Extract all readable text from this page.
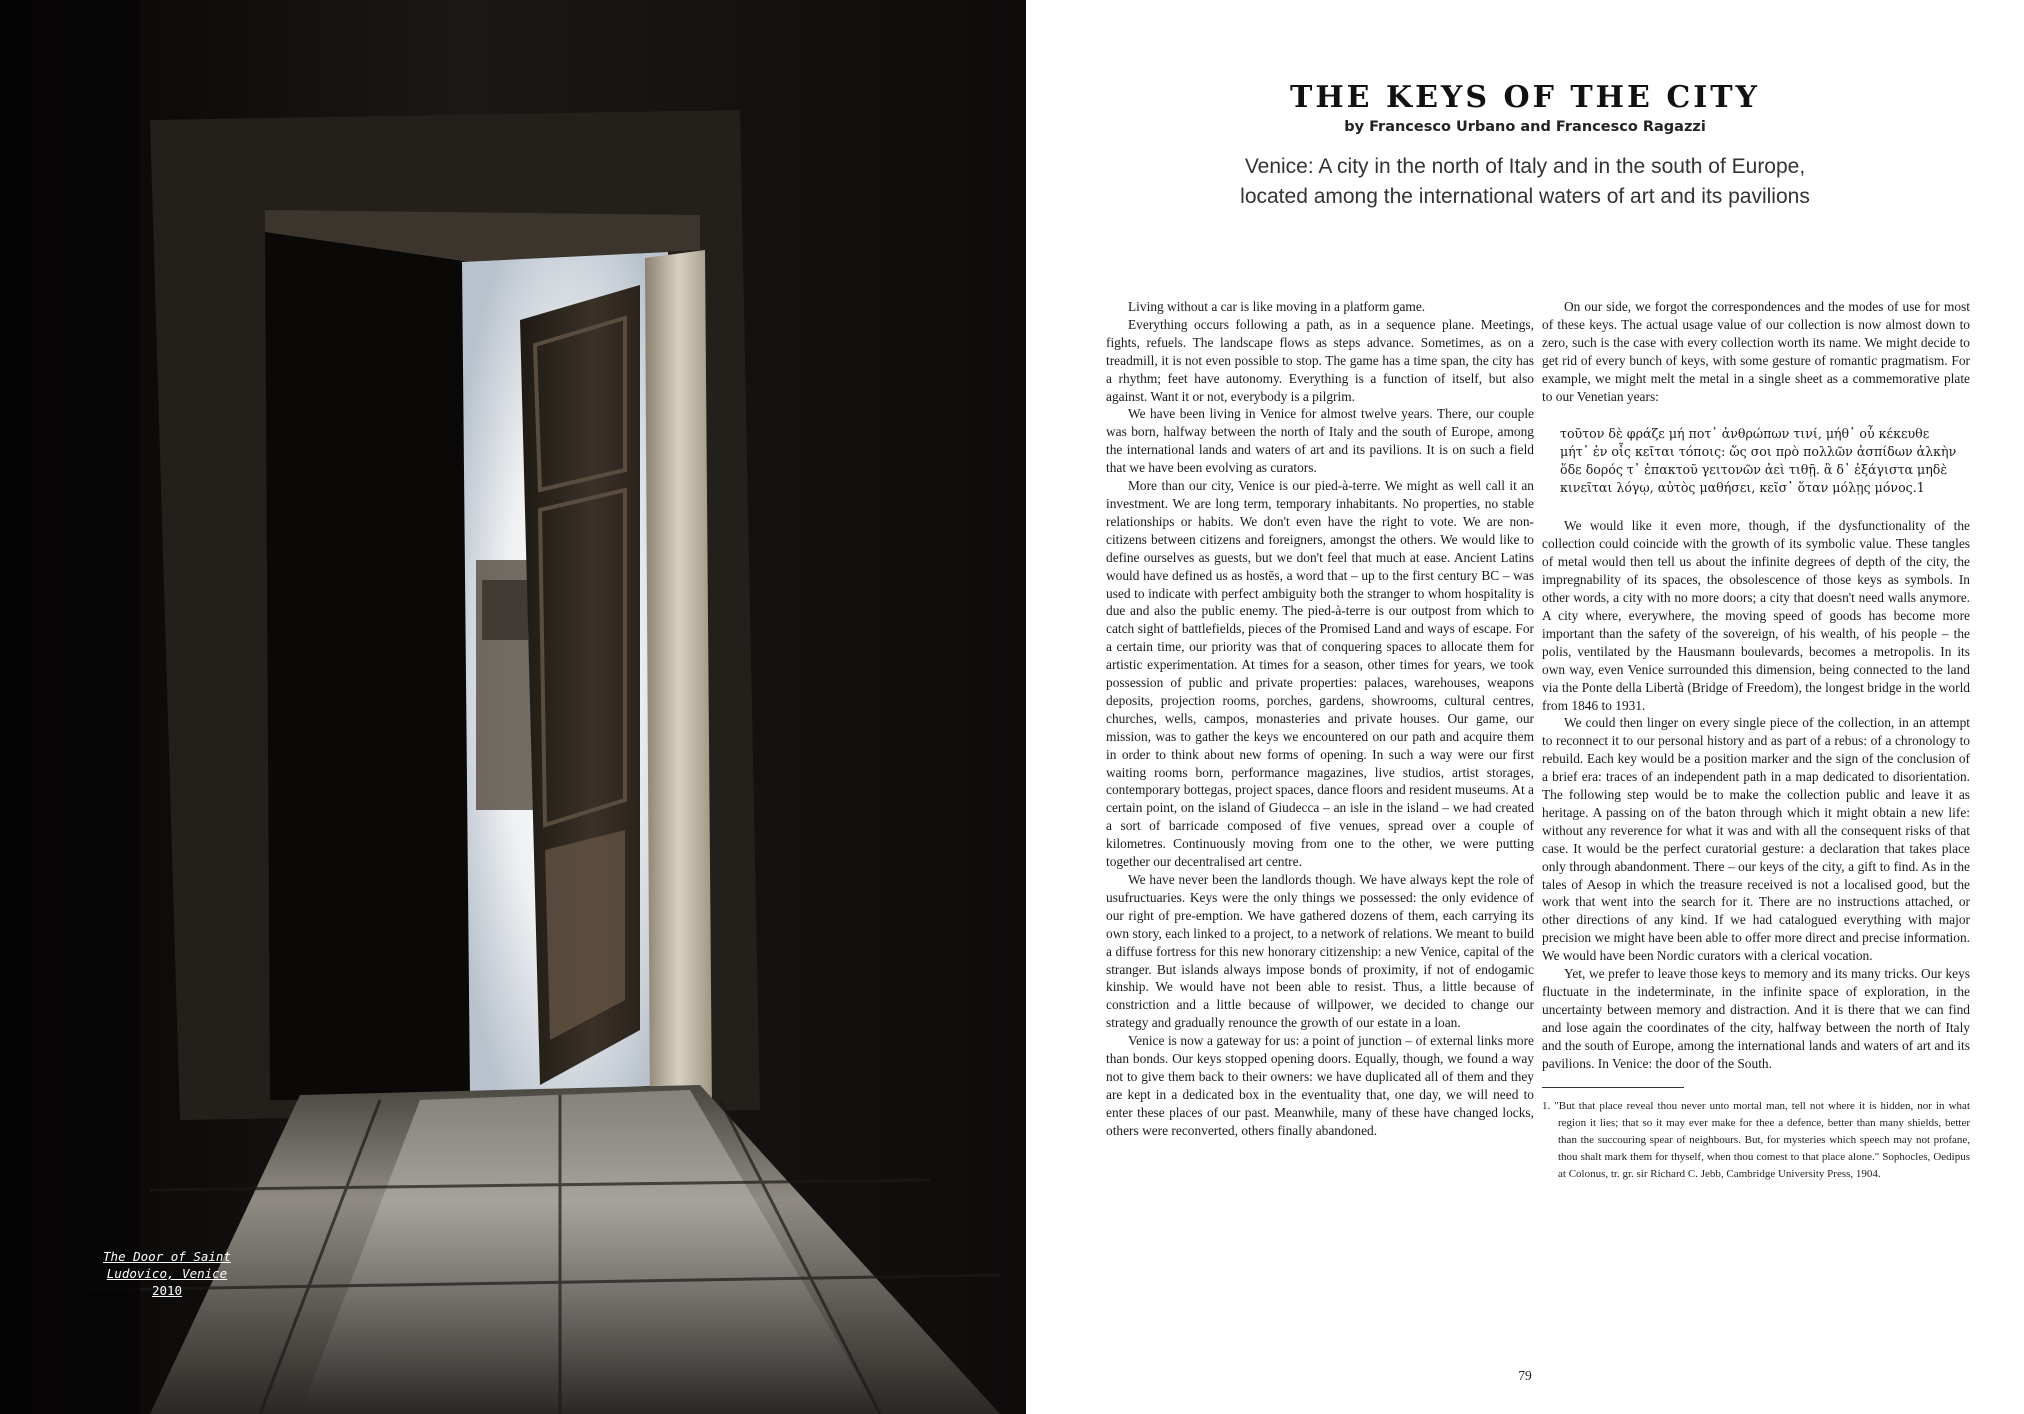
The Door of Saint Ludovico, Venice
2010
THE KEYS OF THE CITY
by Francesco Urbano and Francesco Ragazzi
Venice: A city in the north of Italy and in the south of Europe,
located among the international waters of art and its pavilions

Living without a car is like moving in a platform game.

Everything occurs following a path, as in a sequence plane. Meetings, fights, refuels. The landscape flows as steps advance. Sometimes, as on a treadmill, it is not even possible to stop. The game has a time span, the city has a rhythm; feet have autonomy. Everything is a function of itself, but also against. Want it or not, everybody is a pilgrim.

We have been living in Venice for almost twelve years. There, our couple was born, halfway between the north of Italy and the south of Europe, among the international lands and waters of art and its pavilions. It is on such a field that we have been evolving as curators.

More than our city, Venice is our pied-à-terre. We might as well call it an investment. We are long term, temporary inhabitants. No properties, no stable relationships or habits. We don't even have the right to vote. We are non-citizens between citizens and foreigners, amongst the others. We would like to define ourselves as guests, but we don't feel that much at ease. Ancient Latins would have defined us as hostēs, a word that – up to the first century BC – was used to indicate with perfect ambiguity both the stranger to whom hospitality is due and also the public enemy. The pied-à-terre is our outpost from which to catch sight of battlefields, pieces of the Promised Land and ways of escape. For a certain time, our priority was that of conquering spaces to allocate them for artistic experimentation. At times for a season, other times for years, we took possession of public and private properties: palaces, warehouses, weapons deposits, projection rooms, porches, gardens, showrooms, cultural centres, churches, wells, campos, monasteries and private houses. Our game, our mission, was to gather the keys we encountered on our path and acquire them in order to think about new forms of opening. In such a way were our first waiting rooms born, performance magazines, live studios, artist storages, contemporary bottegas, project spaces, dance floors and resident museums. At a certain point, on the island of Giudecca – an isle in the island – we had created a sort of barricade composed of five venues, spread over a couple of kilometres. Continuously moving from one to the other, we were putting together our decentralised art centre.

We have never been the landlords though. We have always kept the role of usufructuaries. Keys were the only things we possessed: the only evidence of our right of pre-emption. We have gathered dozens of them, each carrying its own story, each linked to a project, to a network of relations. We meant to build a diffuse fortress for this new honorary citizenship: a new Venice, capital of the stranger. But islands always impose bonds of proximity, if not of endogamic kinship. We would have not been able to resist. Thus, a little because of constriction and a little because of willpower, we decided to change our strategy and gradually renounce the growth of our estate in a loan.

Venice is now a gateway for us: a point of junction – of external links more than bonds. Our keys stopped opening doors. Equally, though, we found a way not to give them back to their owners: we have duplicated all of them and they are kept in a dedicated box in the eventuality that, one day, we will need to enter these places of our past. Meanwhile, many of these have changed locks, others were reconverted, others finally abandoned.

On our side, we forgot the correspondences and the modes of use for most of these keys. The actual usage value of our collection is now almost down to zero, such is the case with every collection worth its name. We might decide to get rid of every bunch of keys, with some gesture of romantic pragmatism. For example, we might melt the metal in a single sheet as a commemorative plate to our Venetian years:

τοῦτον δὲ φράζε μή ποτ᾽ ἀνθρώπων τινί, μήθ᾽ οὗ κέκευθε
μήτ᾽ ἐν οἷς κεῖται τόποις: ὥς σοι πρὸ πολλῶν ἀσπίδων ἀλκὴν
ὅδε δορός τ᾽ ἐπακτοῦ γειτονῶν ἀεὶ τιθῇ. ἃ δ᾽ ἐξάγιστα μηδὲ
κινεῖται λόγῳ, αὐτὸς μαθήσει, κεῖσ᾽ ὅταν μόλῃς μόνος.1

We would like it even more, though, if the dysfunctionality of the collection could coincide with the growth of its symbolic value. These tangles of metal would then tell us about the infinite degrees of depth of the city, the impregnability of its spaces, the obsolescence of those keys as symbols. In other words, a city with no more doors; a city that doesn't need walls anymore. A city where, everywhere, the moving speed of goods has become more important than the safety of the sovereign, of his wealth, of his people – the polis, ventilated by the Hausmann boulevards, becomes a metropolis. In its own way, even Venice surrounded this dimension, being connected to the land via the Ponte della Libertà (Bridge of Freedom), the longest bridge in the world from 1846 to 1931.

We could then linger on every single piece of the collection, in an attempt to reconnect it to our personal history and as part of a rebus: of a chronology to rebuild. Each key would be a position marker and the sign of the conclusion of a brief era: traces of an independent path in a map dedicated to disorientation. The following step would be to make the collection public and leave it as heritage. A passing on of the baton through which it might obtain a new life: without any reverence for what it was and with all the consequent risks of that case. It would be the perfect curatorial gesture: a declaration that takes place only through abandonment. There – our keys of the city, a gift to find. As in the tales of Aesop in which the treasure received is not a localised good, but the work that went into the search for it. There are no instructions attached, or other directions of any kind. If we had catalogued everything with major precision we might have been able to offer more direct and precise information. We would have been Nordic curators with a clerical vocation.

Yet, we prefer to leave those keys to memory and its many tricks. Our keys fluctuate in the indeterminate, in the infinite space of exploration, in the uncertainty between memory and distraction. And it is there that we can find and lose again the coordinates of the city, halfway between the north of Italy and the south of Europe, among the international lands and waters of art and its pavilions. In Venice: the door of the South.

1. "But that place reveal thou never unto mortal man, tell not where it is hidden, nor in what region it lies; that so it may ever make for thee a defence, better than many shields, better than the succouring spear of neighbours. But, for mysteries which speech may not profane, thou shalt mark them for thyself, when thou comest to that place alone." Sophocles, Oedipus at Colonus, tr. gr. sir Richard C. Jebb, Cambridge University Press, 1904.
79
